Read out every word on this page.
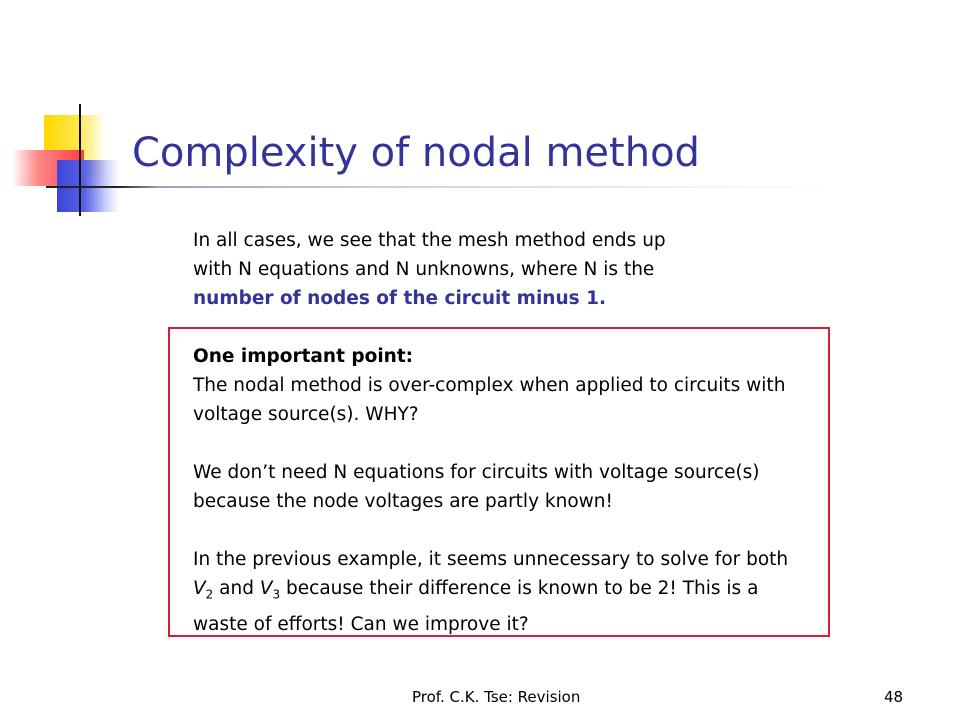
Complexity of nodal method
In all cases, we see that the mesh method ends up
with N equations and N unknowns, where N is the
number of nodes of the circuit minus 1.

One important point:

The nodal method is over-complex when applied to circuits with voltage source(s). WHY?

We don’t need N equations for circuits with voltage source(s) because the node voltages are partly known!

In the previous example, it seems unnecessary to solve for both $V_2$ and $V_3$ because their difference is known to be 2! This is a waste of efforts! Can we improve it?

Prof. C.K. Tse: Revision	48
